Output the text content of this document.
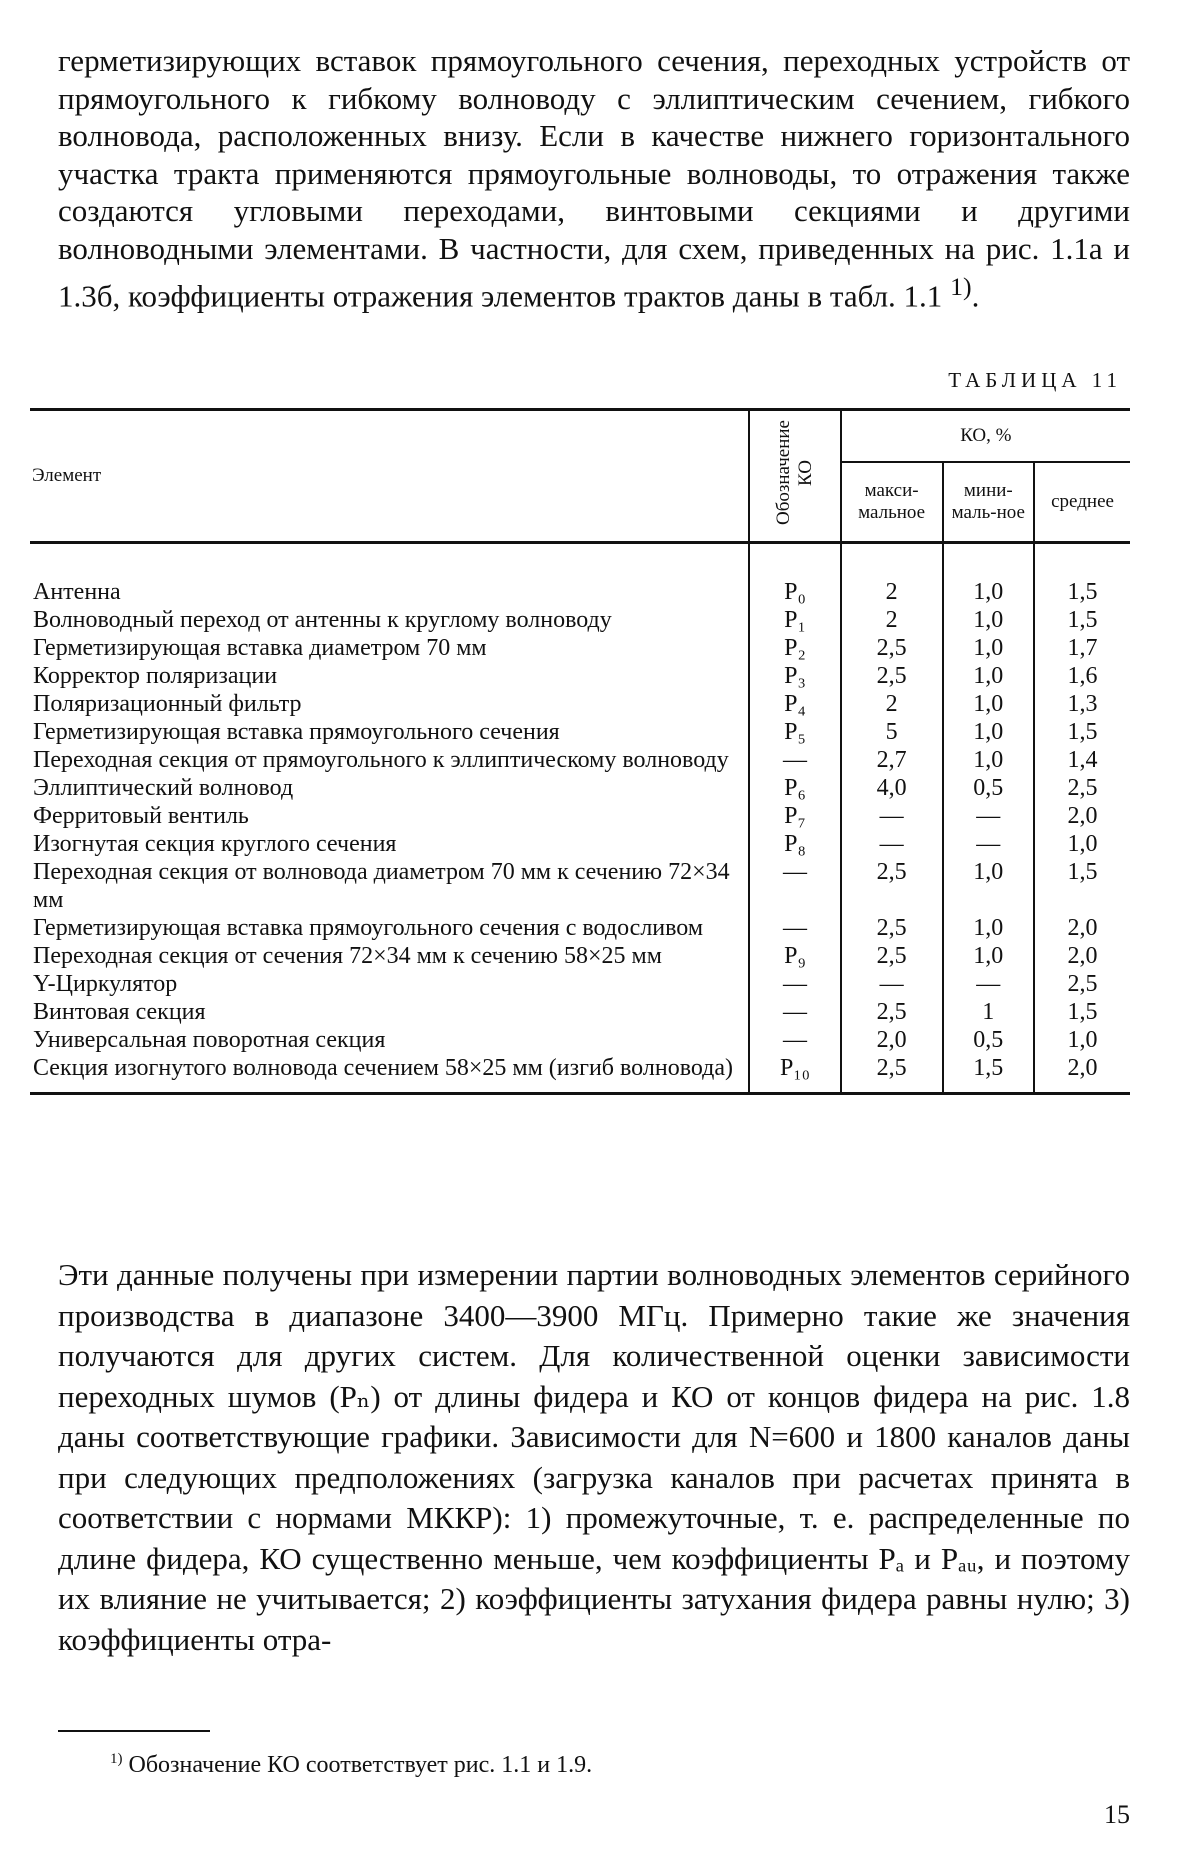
герметизирующих вставок прямоугольного сечения, переходных устройств от прямоугольного к гибкому волноводу с эллиптическим сечением, гибкого волновода, расположенных внизу. Если в качестве нижнего горизонтального участка тракта применяются прямоугольные волноводы, то отражения также создаются угловыми переходами, винтовыми секциями и другими волноводными элементами. В частности, для схем, приведенных на рис. 1.1а и 1.3б, коэффициенты отражения элементов трактов даны в табл. 1.1 $^{1)}$.

ТАБЛИЦА 11
Элемент	Обозначение КО	КО, %		
		макси-мальное	мини-маль-ное	среднее
Антенна	P₀	2	1,0	1,5
Волноводный переход от антенны к круглому волноводу	P₁	2	1,0	1,5
Герметизирующая вставка диаметром 70 мм	P₂	2,5	1,0	1,7
Корректор поляризации	P₃	2,5	1,0	1,6
Поляризационный фильтр	P₄	2	1,0	1,3
Герметизирующая вставка прямоугольного сечения	P₅	5	1,0	1,5
Переходная секция от прямоугольного к эллиптическому волноводу	—	2,7	1,0	1,4
Эллиптический волновод	P₆	4,0	0,5	2,5
Ферритовый вентиль	P₇	—	—	2,0
Изогнутая секция круглого сечения	P₈	—	—	1,0
Переходная секция от волновода диаметром 70 мм к сечению 72×34 мм	—	2,5	1,0	1,5
Герметизирующая вставка прямоугольного сечения с водосливом	—	2,5	1,0	2,0
Переходная секция от сечения 72×34 мм к сечению 58×25 мм	P₉	2,5	1,0	2,0
Y-Циркулятор	—	—	—	2,5
Винтовая секция	—	2,5	1	1,5
Универсальная поворотная секция	—	2,0	0,5	1,0
Секция изогнутого волновода сечением 58×25 мм (изгиб волновода)	P₁₀	2,5	1,5	2,0

Эти данные получены при измерении партии волноводных элементов серийного производства в диапазоне 3400—3900 МГц. Примерно такие же значения получаются для других систем. Для количественной оценки зависимости переходных шумов (Pₙ) от длины фидера и КО от концов фидера на рис. 1.8 даны соответствующие графики. Зависимости для N=600 и 1800 каналов даны при следующих предположениях (загрузка каналов при расчетах принята в соответствии с нормами МККР): 1) промежуточные, т. е. распределенные по длине фидера, КО существенно меньше, чем коэффициенты Pₐ и Pₐᵤ, и поэтому их влияние не учитывается; 2) коэффициенты затухания фидера равны нулю; 3) коэффициенты отра-

$^{1)}$ Обозначение КО соответствует рис. 1.1 и 1.9.
15
